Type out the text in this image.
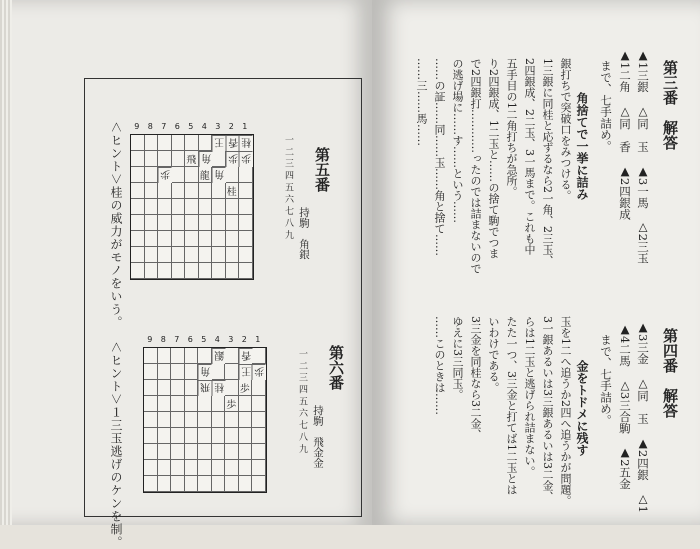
9	8	7	6	5	4	3	2	1
王 香 桂
飛 角 歩 歩
歩	龍 角
桂	一 二 三 四 五 六 七 八 九 第五番
持駒　角銀
＜ヒント＞桂の威力がモノをいう。
9	8	7	6	5	4	3	2	1
銀 香
角	王 歩
飛 桂 歩
歩	一 二 三 四 五 六 七 八 九 第六番
持駒　飛金金
＜ヒント＞１三玉逃げのケンを制。
第三番　解答
▲1三銀　△同　玉　▲3一馬　△2三玉
▲1二角　△同　香　▲2四銀成
まで、七手詰め。
角捨てで一挙に詰み
銀打ちで突破口をみつける。
1三銀に同桂と応ずるなら2一角、2三玉、
2四銀成、2二玉、3一馬まで。これも中
五手目の1二角打ちが急所。
り2四銀成、1二玉と……の捨て駒でつま
で2四銀打…………ったのでは詰まないので
の逃げ場に……す……という……
……の証……同……玉……角と捨て……
……三……馬……
第四番　解答
▲3三金　△同　玉　▲2四銀　△1
▲4二馬　△3三合駒　▲2五金
まで、七手詰め。
金をトドメに残す
玉を1二へ追うか2四へ追うかが問題。
3一銀あるいは3三銀あるいは3二金、
らは1二玉と逃げられ詰まない。
たた一つ、3三金と打てば1二玉とは
いわけである。
3三金を同桂なら3二金、
ゆえに3三同玉。
……このときは……
